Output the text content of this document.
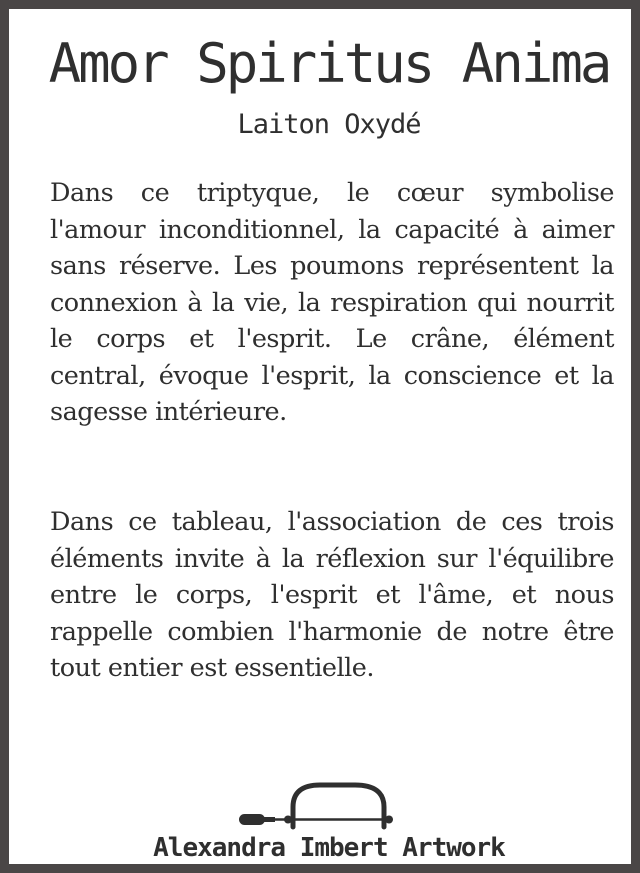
Amor Spiritus Anima
Laiton Oxydé
Dans ce triptyque, le cœur symbolise l'amour inconditionnel, la capacité à aimer sans réserve. Les poumons représentent la connexion à la vie, la respiration qui nourrit le corps et l'esprit. Le crâne, élément central, évoque l'esprit, la conscience et la sagesse intérieure.
Dans ce tableau, l'association de ces trois éléments invite à la réflexion sur l'équilibre entre le corps, l'esprit et l'âme, et nous rappelle combien l'harmonie de notre être tout entier est essentielle.
Alexandra Imbert Artwork
